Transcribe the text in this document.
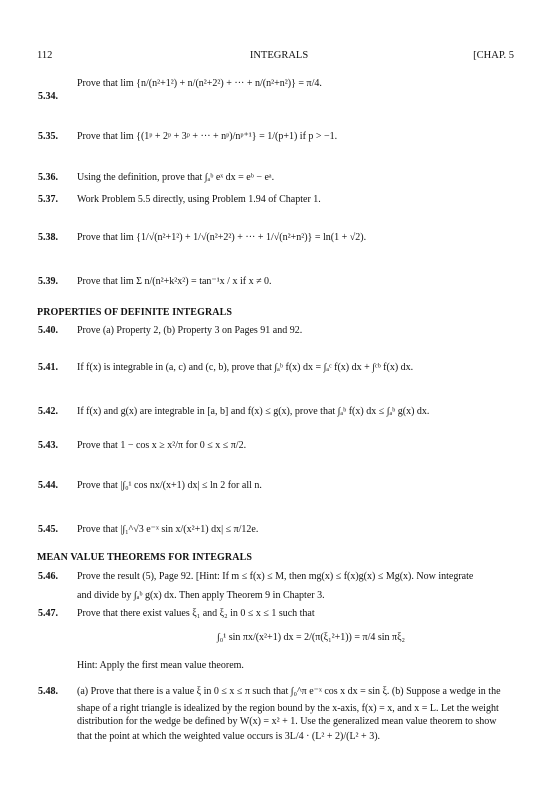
112	INTEGRALS	[CHAP. 5
5.34.
Prove that lim {n/(n²+1²) + n/(n²+2²) + ··· + n/(n²+n²)} = π/4.
5.35. Prove that lim {(1ᵖ + 2ᵖ + 3ᵖ + ··· + nᵖ)/nᵖ⁺¹} = 1/(p+1) if p > −1.
5.36. Using the definition, prove that ∫ₐᵇ eˣ dx = eᵇ − eᵃ.
5.37. Work Problem 5.5 directly, using Problem 1.94 of Chapter 1.
5.38. Prove that lim {1/√(n²+1²) + 1/√(n²+2²) + ··· + 1/√(n²+n²)} = ln(1 + √2).
5.39. Prove that lim Σ n/(n²+k²x²) = tan⁻¹x / x if x ≠ 0.
PROPERTIES OF DEFINITE INTEGRALS
5.40. Prove (a) Property 2, (b) Property 3 on Pages 91 and 92.
5.41. If f(x) is integrable in (a, c) and (c, b), prove that ∫ₐᵇ f(x) dx = ∫ₐᶜ f(x) dx + ∫ᶜᵇ f(x) dx.
5.42. If f(x) and g(x) are integrable in [a, b] and f(x) ≤ g(x), prove that ∫ₐᵇ f(x) dx ≤ ∫ₐᵇ g(x) dx.
5.43. Prove that 1 − cos x ≥ x²/π for 0 ≤ x ≤ π/2.
5.44. Prove that |∫₀¹ cos nx/(x+1) dx| ≤ ln 2 for all n.
5.45. Prove that |∫₁^√3 e⁻ˣ sin x/(x²+1) dx| ≤ π/12e.
MEAN VALUE THEOREMS FOR INTEGRALS
5.46. Prove the result (5), Page 92. [Hint: If m ≤ f(x) ≤ M, then mg(x) ≤ f(x)g(x) ≤ Mg(x). Now integrate
and divide by ∫ₐᵇ g(x) dx. Then apply Theorem 9 in Chapter 3.
5.47. Prove that there exist values ξ₁ and ξ₂ in 0 ≤ x ≤ 1 such that
∫₀¹ sin πx/(x²+1) dx = 2/(π(ξ₁²+1)) = π/4 sin πξ₂
Hint: Apply the first mean value theorem.
5.48. (a) Prove that there is a value ξ in 0 ≤ x ≤ π such that ∫₀^π e⁻ˣ cos x dx = sin ξ. (b) Suppose a wedge in the
shape of a right triangle is idealized by the region bound by the x-axis, f(x) = x, and x = L. Let the weight
distribution for the wedge be defined by W(x) = x² + 1. Use the generalized mean value theorem to show
that the point at which the weighted value occurs is 3L/4 · (L² + 2)/(L² + 3).
